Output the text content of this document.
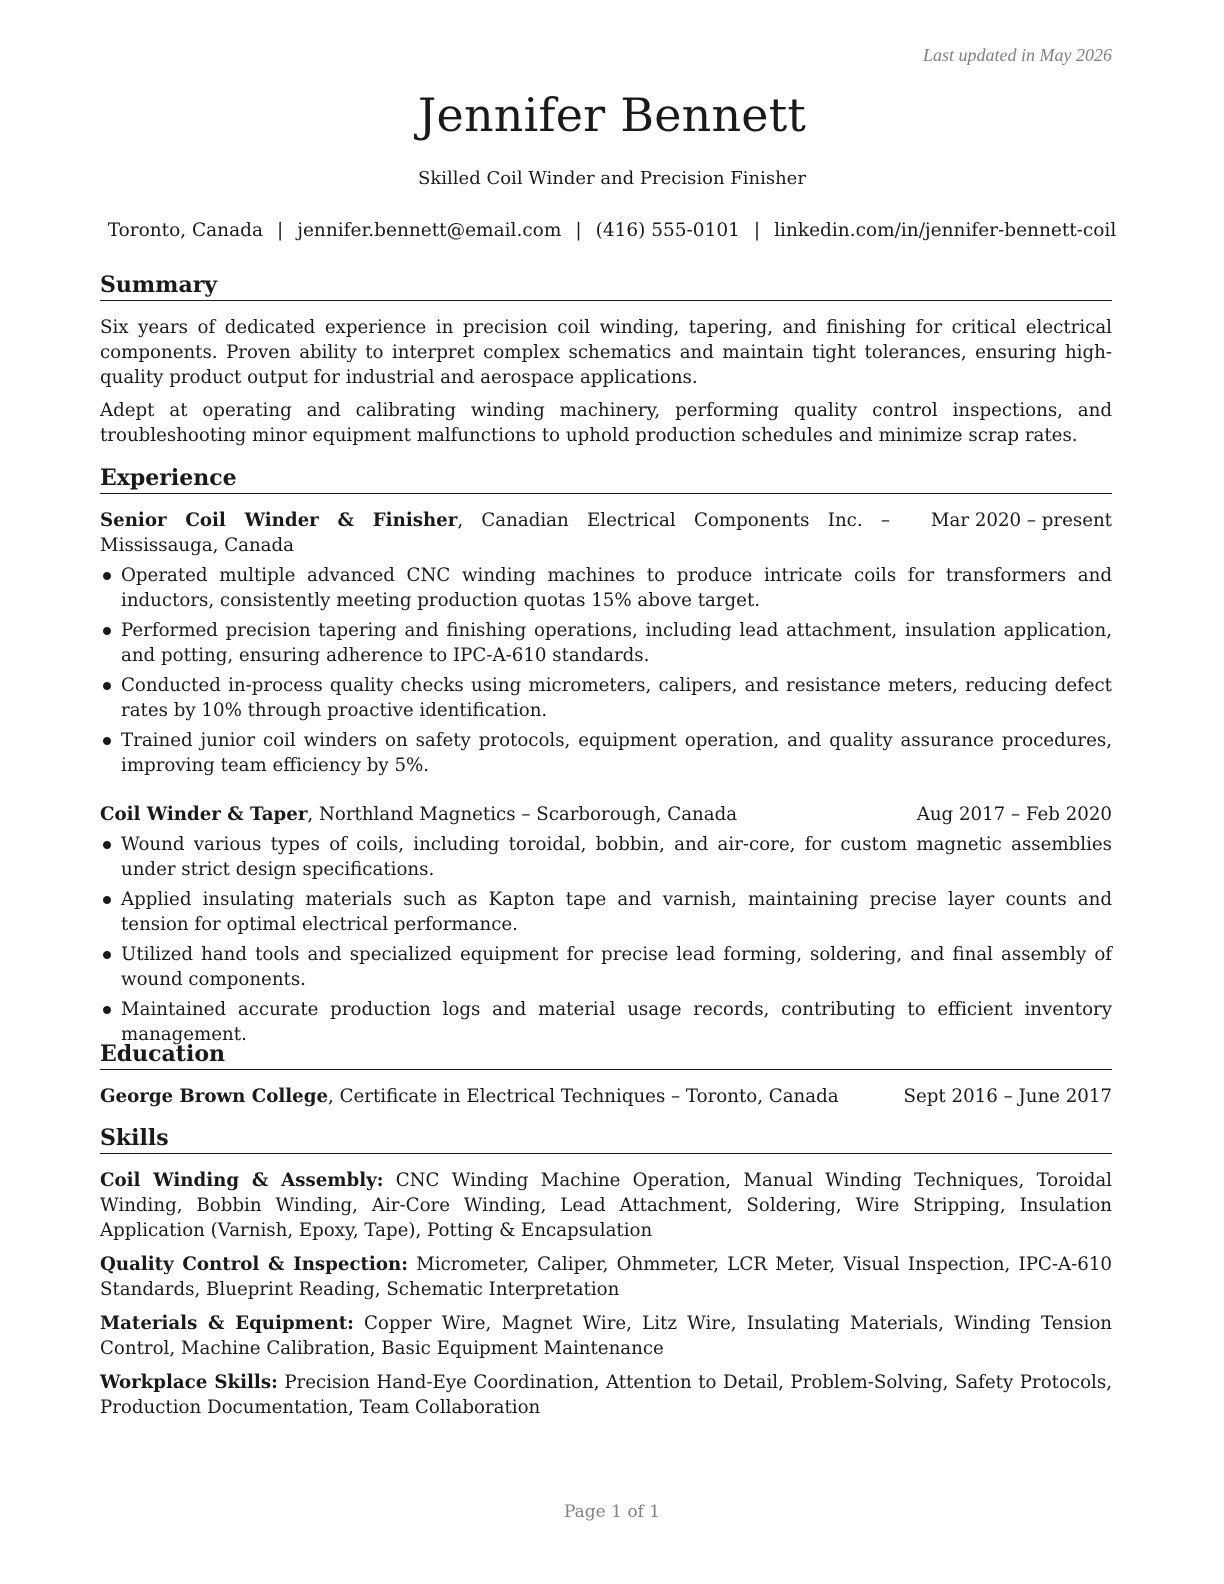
Last updated in May 2026
Jennifer Bennett
Skilled Coil Winder and Precision Finisher
Toronto, Canada | jennifer.bennett@email.com | (416) 555-0101 | linkedin.com/in/jennifer-bennett-coil
Summary

Six years of dedicated experience in precision coil winding, tapering, and finishing for critical electrical components. Proven ability to interpret complex schematics and maintain tight tolerances, ensuring high-quality product output for industrial and aerospace applications.

Adept at operating and calibrating winding machinery, performing quality control inspections, and troubleshooting minor equipment malfunctions to uphold production schedules and minimize scrap rates.

Experience
Senior Coil Winder & Finisher, Canadian Electrical Components Inc. – Mississauga, Canada
Mar 2020 – present
Operated multiple advanced CNC winding machines to produce intricate coils for transformers and inductors, consistently meeting production quotas 15% above target.
Performed precision tapering and finishing operations, including lead attachment, insulation application, and potting, ensuring adherence to IPC-A-610 standards.
Conducted in-process quality checks using micrometers, calipers, and resistance meters, reducing defect rates by 10% through proactive identification.
Trained junior coil winders on safety protocols, equipment operation, and quality assurance procedures, improving team efficiency by 5%.
Coil Winder & Taper, Northland Magnetics – Scarborough, Canada	Aug 2017 – Feb 2020
Wound various types of coils, including toroidal, bobbin, and air-core, for custom magnetic assemblies under strict design specifications.
Applied insulating materials such as Kapton tape and varnish, maintaining precise layer counts and tension for optimal electrical performance.
Utilized hand tools and specialized equipment for precise lead forming, soldering, and final assembly of wound components.
Maintained accurate production logs and material usage records, contributing to efficient inventory management.
Education
George Brown College, Certificate in Electrical Techniques – Toronto, Canada	Sept 2016 – June 2017
Skills

Coil Winding & Assembly: CNC Winding Machine Operation, Manual Winding Techniques, Toroidal Winding, Bobbin Winding, Air-Core Winding, Lead Attachment, Soldering, Wire Stripping, Insulation Application (Varnish, Epoxy, Tape), Potting & Encapsulation

Quality Control & Inspection: Micrometer, Caliper, Ohmmeter, LCR Meter, Visual Inspection, IPC-A-610 Standards, Blueprint Reading, Schematic Interpretation

Materials & Equipment: Copper Wire, Magnet Wire, Litz Wire, Insulating Materials, Winding Tension Control, Machine Calibration, Basic Equipment Maintenance

Workplace Skills: Precision Hand-Eye Coordination, Attention to Detail, Problem-Solving, Safety Protocols, Production Documentation, Team Collaboration

Page 1 of 1
